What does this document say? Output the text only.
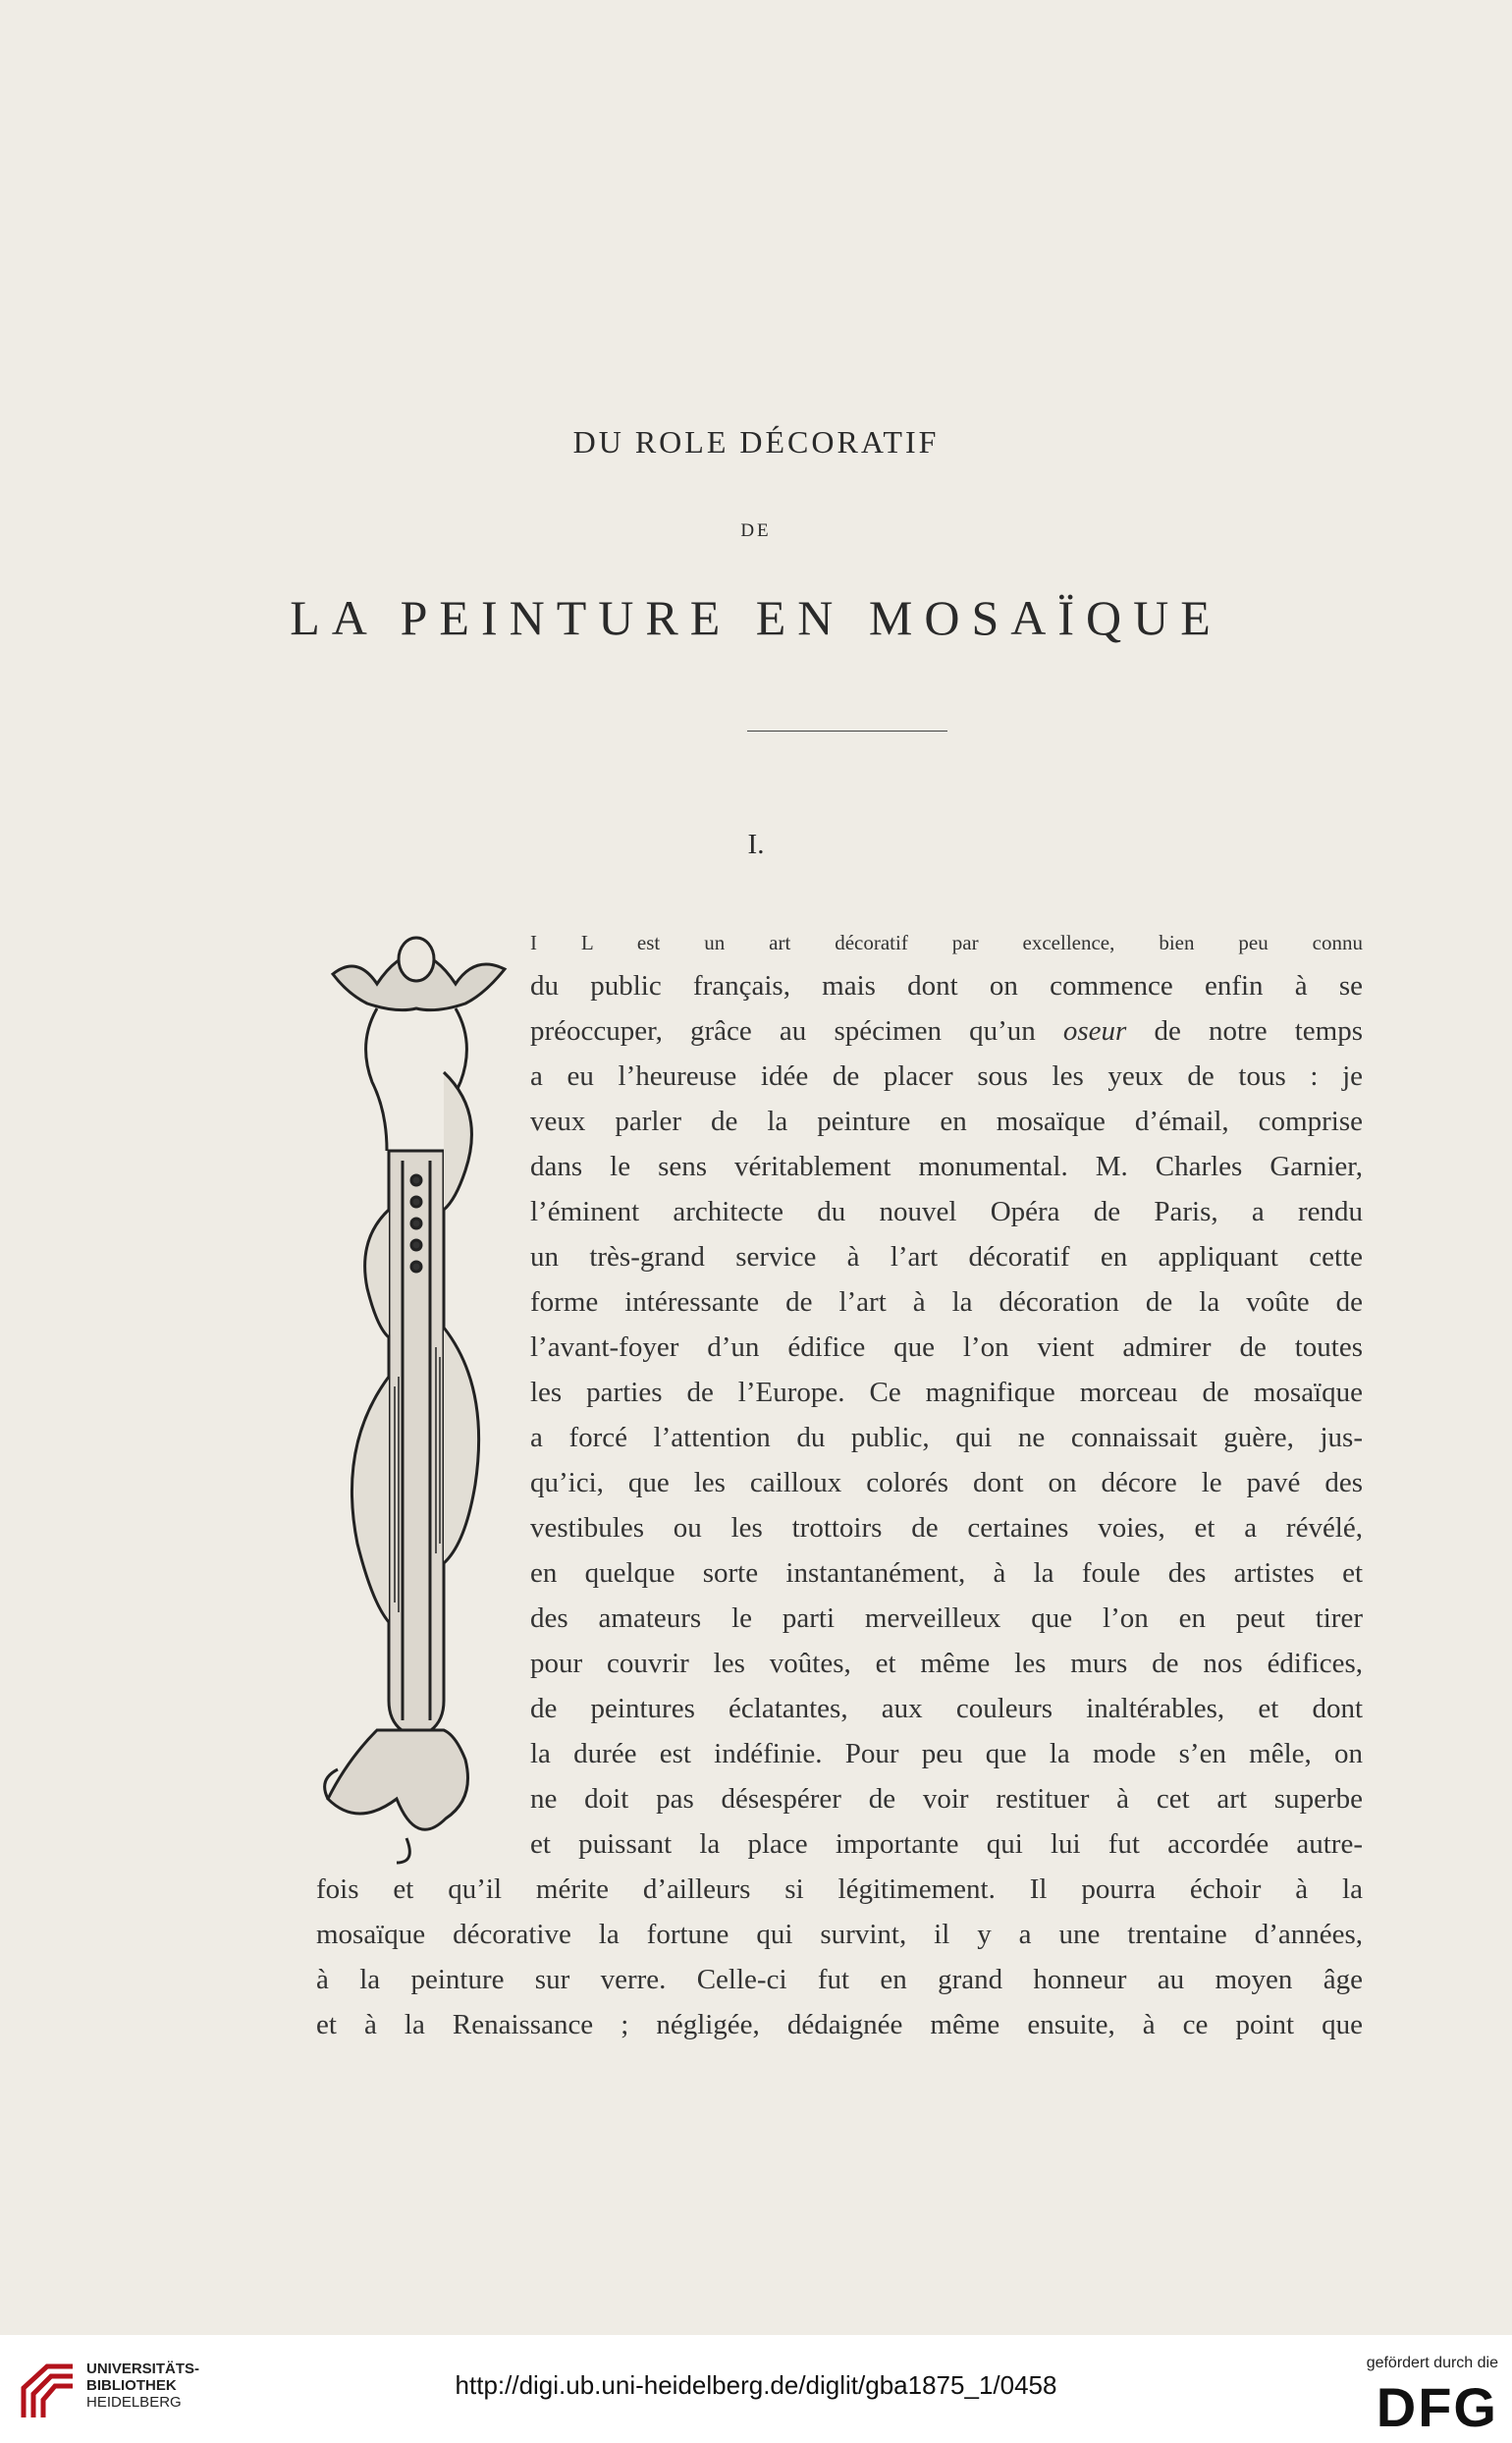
DU ROLE DÉCORATIF
DE
LA PEINTURE EN MOSAÏQUE
I.
I L est un art décoratif par excellence, bien peu connu
du public français, mais dont on commence enfin à se
préoccuper, grâce au spécimen qu’un oseur de notre temps
a eu l’heureuse idée de placer sous les yeux de tous : je
veux parler de la peinture en mosaïque d’émail, comprise
dans le sens véritablement monumental. M. Charles Garnier,
l’éminent architecte du nouvel Opéra de Paris, a rendu
un très-grand service à l’art décoratif en appliquant cette
forme intéressante de l’art à la décoration de la voûte de
l’avant-foyer d’un édifice que l’on vient admirer de toutes
les parties de l’Europe. Ce magnifique morceau de mosaïque
a forcé l’attention du public, qui ne connaissait guère, jus-
qu’ici, que les cailloux colorés dont on décore le pavé des
vestibules ou les trottoirs de certaines voies, et a révélé,
en quelque sorte instantanément, à la foule des artistes et
des amateurs le parti merveilleux que l’on en peut tirer
pour couvrir les voûtes, et même les murs de nos édifices,
de peintures éclatantes, aux couleurs inaltérables, et dont
la durée est indéfinie. Pour peu que la mode s’en mêle, on
ne doit pas désespérer de voir restituer à cet art superbe
et puissant la place importante qui lui fut accordée autre-
fois et qu’il mérite d’ailleurs si légitimement. Il pourra échoir à la
mosaïque décorative la fortune qui survint, il y a une trentaine d’années,
à la peinture sur verre. Celle-ci fut en grand honneur au moyen âge
et à la Renaissance ; négligée, dédaignée même ensuite, à ce point que
UNIVERSITÄTS-
BIBLIOTHEK
HEIDELBERG
http://digi.ub.uni-heidelberg.de/diglit/gba1875_1/0458
gefördert durch die
DFG
